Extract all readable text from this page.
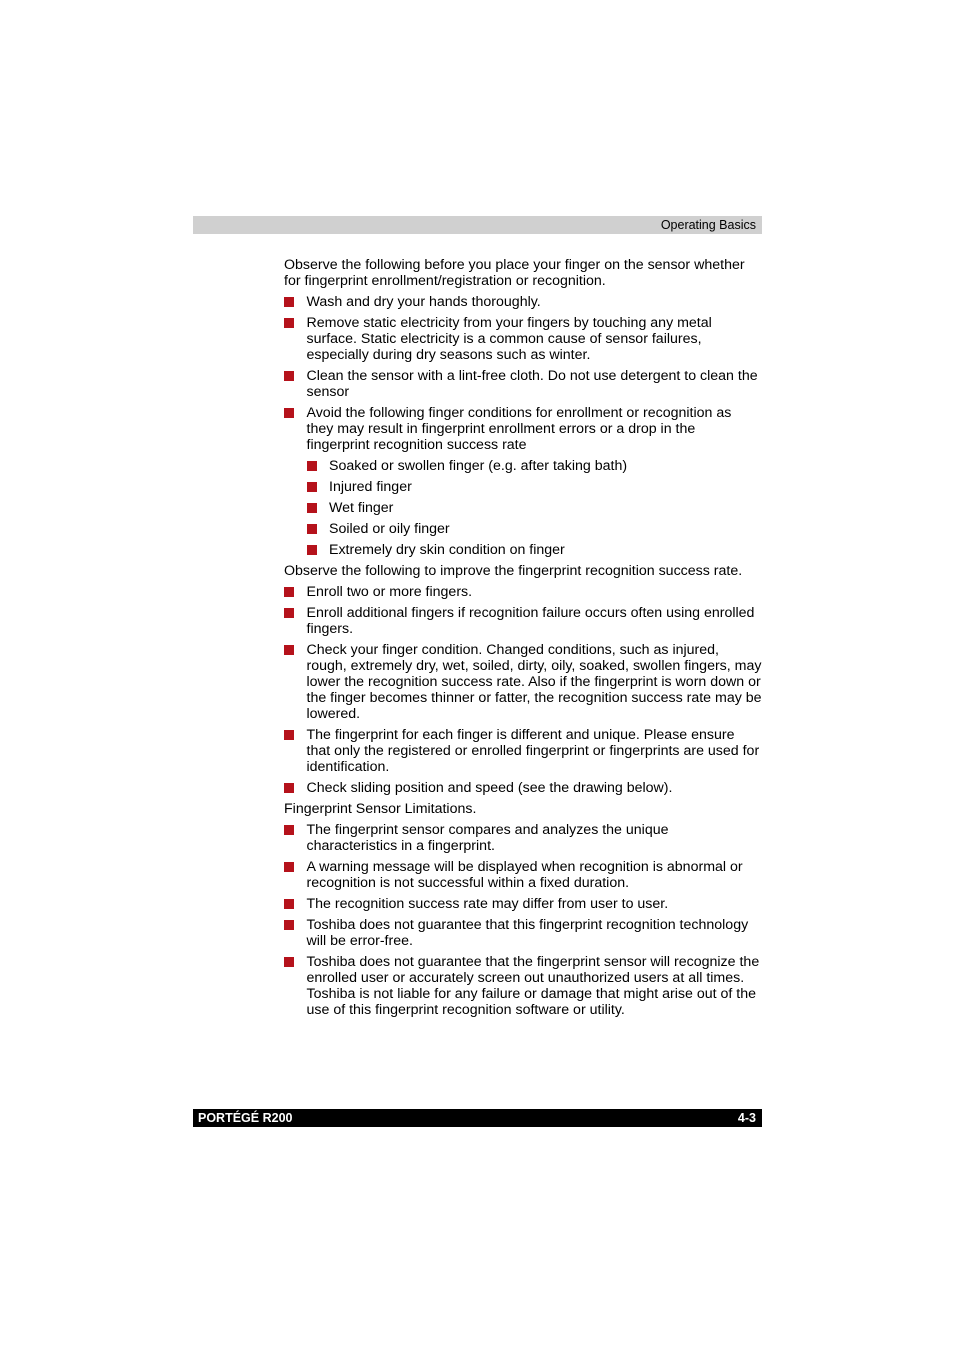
Operating Basics

Observe the following before you place your finger on the sensor whether for fingerprint enrollment/registration or recognition.

Wash and dry your hands thoroughly.
Remove static electricity from your fingers by touching any metal surface. Static electricity is a common cause of sensor failures, especially during dry seasons such as winter.
Clean the sensor with a lint-free cloth. Do not use detergent to clean the sensor
Avoid the following finger conditions for enrollment or recognition as they may result in fingerprint enrollment errors or a drop in the fingerprint recognition success rate
Soaked or swollen finger (e.g. after taking bath)
Injured finger
Wet finger
Soiled or oily finger
Extremely dry skin condition on finger

Observe the following to improve the fingerprint recognition success rate.

Enroll two or more fingers.
Enroll additional fingers if recognition failure occurs often using enrolled fingers.
Check your finger condition. Changed conditions, such as injured, rough, extremely dry, wet, soiled, dirty, oily, soaked, swollen fingers, may lower the recognition success rate. Also if the fingerprint is worn down or the finger becomes thinner or fatter, the recognition success rate may be lowered.
The fingerprint for each finger is different and unique. Please ensure that only the registered or enrolled fingerprint or fingerprints are used for identification.
Check sliding position and speed (see the drawing below).

Fingerprint Sensor Limitations.

The fingerprint sensor compares and analyzes the unique characteristics in a fingerprint.
A warning message will be displayed when recognition is abnormal or recognition is not successful within a fixed duration.
The recognition success rate may differ from user to user.
Toshiba does not guarantee that this fingerprint recognition technology will be error-free.
Toshiba does not guarantee that the fingerprint sensor will recognize the enrolled user or accurately screen out unauthorized users at all times. Toshiba is not liable for any failure or damage that might arise out of the use of this fingerprint recognition software or utility.
PORTÉGÉ R200	4-3
